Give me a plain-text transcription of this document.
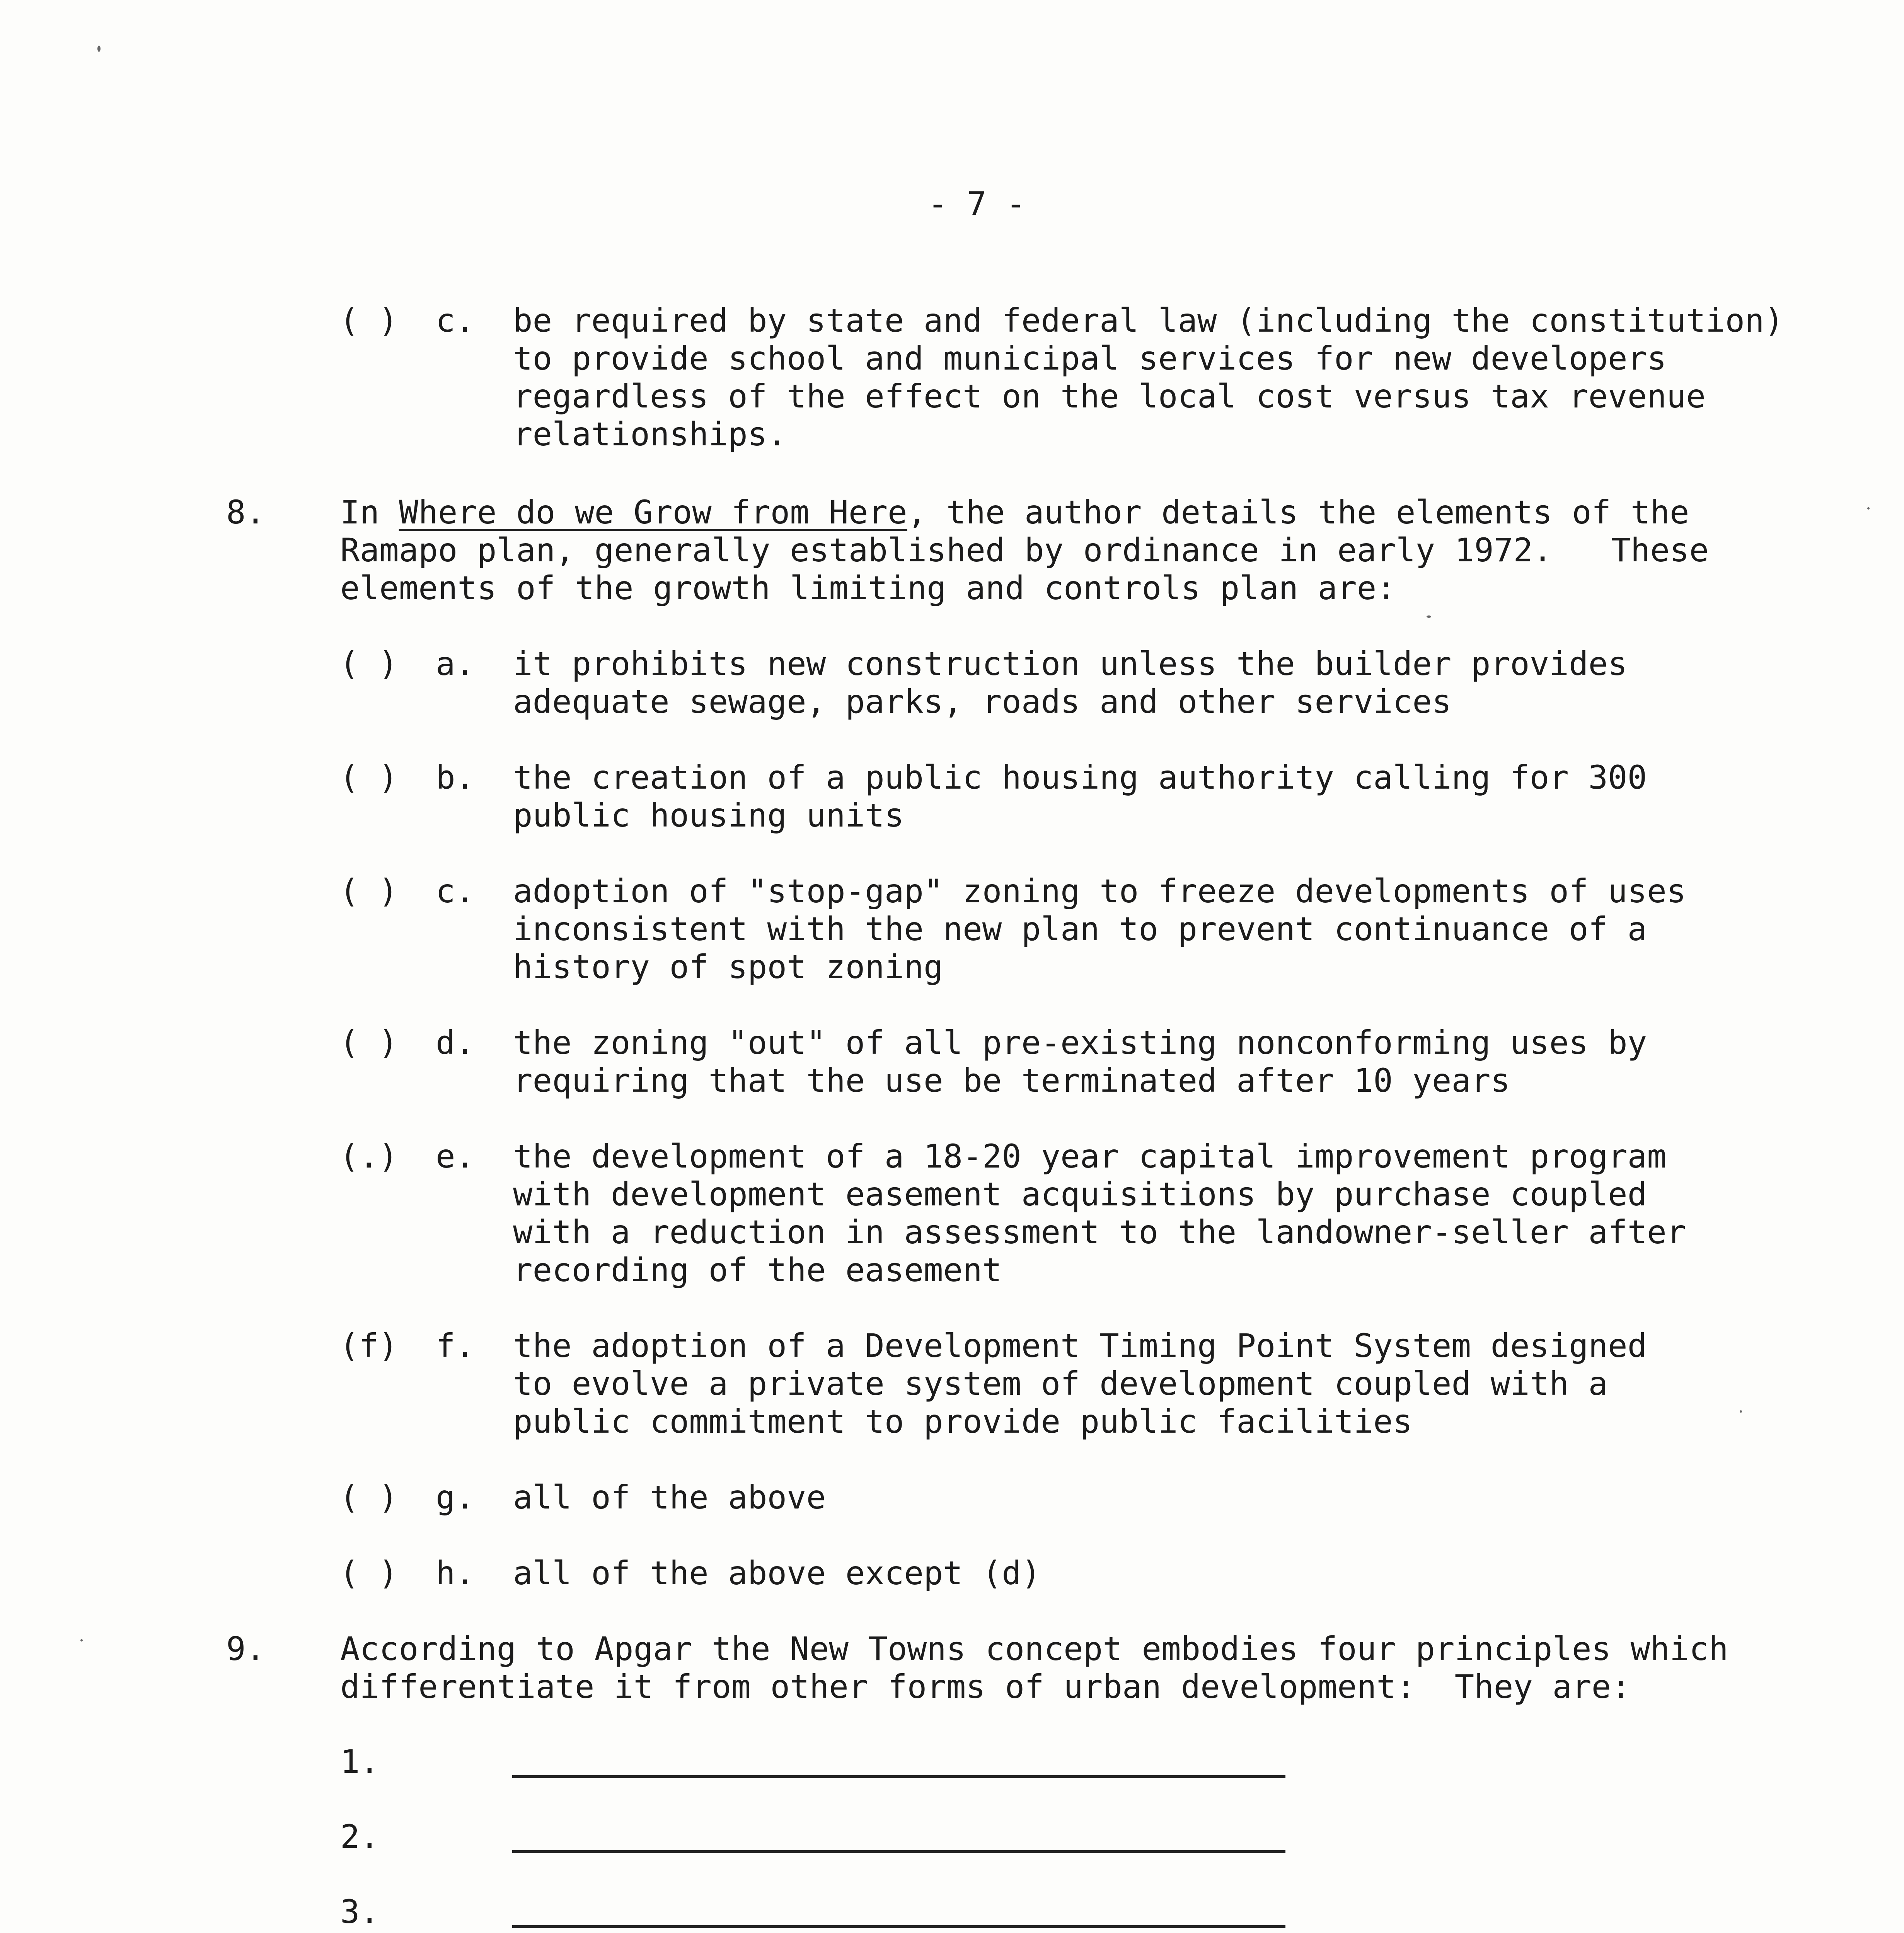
- 7 -
( ) c. be required by state and federal law (including the constitution)
to provide school and municipal services for new developers
regardless of the effect on the local cost versus tax revenue
relationships.
8. In Where do we Grow from Here, the author details the elements of the
Ramapo plan, generally established by ordinance in early 1972.   These
elements of the growth limiting and controls plan are:
( ) a. it prohibits new construction unless the builder provides
adequate sewage, parks, roads and other services
( ) b. the creation of a public housing authority calling for 300
public housing units
( ) c. adoption of "stop-gap" zoning to freeze developments of uses
inconsistent with the new plan to prevent continuance of a
history of spot zoning
( ) d. the zoning "out" of all pre-existing nonconforming uses by
requiring that the use be terminated after 10 years
(.) e. the development of a 18-20 year capital improvement program
with development easement acquisitions by purchase coupled
with a reduction in assessment to the landowner-seller after
recording of the easement
(f) f. the adoption of a Development Timing Point System designed
to evolve a private system of development coupled with a
public commitment to provide public facilities
( ) g. all of the above
( ) h. all of the above except (d)
9. According to Apgar the New Towns concept embodies four principles which
differentiate it from other forms of urban development:  They are:
1.
2.
3.
